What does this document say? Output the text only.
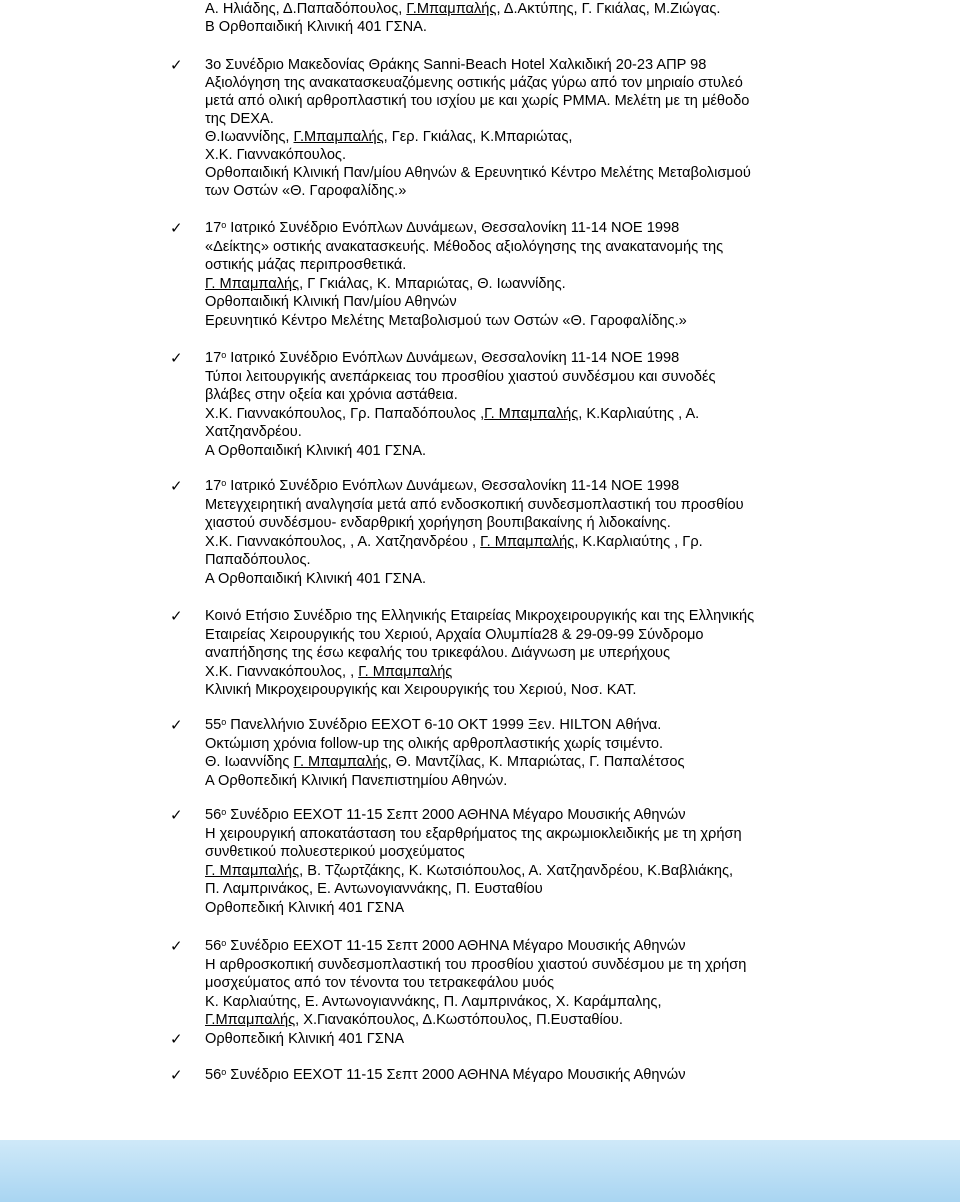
Α. Ηλιάδης, Δ.Παπαδόπουλος, Γ.Μπαμπαλής, Δ.Ακτύπης, Γ. Γκιάλας, Μ.Ζιώγας.
Β Ορθοπαιδική Κλινική 401 ΓΣΝΑ.
✓ 3ο Συνέδριο Μακεδονίας Θράκης Sanni-Beach Hotel Χαλκιδική 20-23 ΑΠΡ 98
Αξιολόγηση της ανακατασκευαζόμενης οστικής μάζας γύρω από τον μηριαίο στυλεό
μετά από ολική αρθροπλαστική του ισχίου με και χωρίς PMMA. Μελέτη με τη μέθοδο
της DEXA.
Θ.Ιωαννίδης, Γ.Μπαμπαλής, Γερ. Γκιάλας, Κ.Μπαριώτας,
Χ.Κ. Γιαννακόπουλος.
Ορθοπαιδική Κλινική Παν/μίου Αθηνών & Ερευνητικό Κέντρο Μελέτης Μεταβολισμού
των Οστών «Θ. Γαροφαλίδης.»
✓ $17^o$ Ιατρικό Συνέδριο Ενόπλων Δυνάμεων, Θεσσαλονίκη 11-14 ΝΟΕ 1998
«Δείκτης» οστικής ανακατασκευής. Μέθοδος αξιολόγησης της ανακατανομής της
οστικής μάζας περιπροσθετικά.
Γ. Μπαμπαλής, Γ Γκιάλας, Κ. Μπαριώτας, Θ. Ιωαννίδης.
Ορθοπαιδική Κλινική Παν/μίου Αθηνών
Ερευνητικό Κέντρο Μελέτης Μεταβολισμού των Οστών «Θ. Γαροφαλίδης.»
✓ $17^o$ Ιατρικό Συνέδριο Ενόπλων Δυνάμεων, Θεσσαλονίκη 11-14 ΝΟΕ 1998
Τύποι λειτουργικής ανεπάρκειας του προσθίου χιαστού συνδέσμου και συνοδές
βλάβες στην οξεία και χρόνια αστάθεια.
Χ.Κ. Γιαννακόπουλος, Γρ. Παπαδόπουλος ,Γ. Μπαμπαλής, Κ.Καρλιαύτης , Α.
Χατζηανδρέου.
Α Ορθοπαιδική Κλινική 401 ΓΣΝΑ.
✓ $17^o$ Ιατρικό Συνέδριο Ενόπλων Δυνάμεων, Θεσσαλονίκη 11-14 ΝΟΕ 1998
Μετεγχειρητική αναλγησία μετά από ενδοσκοπική συνδεσμοπλαστική του προσθίου
χιαστού συνδέσμου- ενδαρθρική χορήγηση βουπιβακαίνης ή λιδοκαίνης.
Χ.Κ. Γιαννακόπουλος, , Α. Χατζηανδρέου , Γ. Μπαμπαλής, Κ.Καρλιαύτης , Γρ.
Παπαδόπουλος.
Α Ορθοπαιδική Κλινική 401 ΓΣΝΑ.
✓ Κοινό Ετήσιο Συνέδριο της Ελληνικής Εταιρείας Μικροχειρουργικής και της Ελληνικής
Εταιρείας Χειρουργικής του Χεριού, Αρχαία Ολυμπία28 & 29-09-99 Σύνδρομο
αναπήδησης της έσω κεφαλής του τρικεφάλου. Διάγνωση με υπερήχους
Χ.Κ. Γιαννακόπουλος, , Γ. Μπαμπαλής
Κλινική Μικροχειρουργικής και Χειρουργικής του Χεριού, Νοσ. ΚΑΤ.
✓ $55^o$ Πανελλήνιο Συνέδριο ΕΕΧΟΤ 6-10 ΟΚΤ 1999 Ξεν. HILTON Αθήνα.
Οκτώμιση χρόνια follow-up της ολικής αρθροπλαστικής χωρίς τσιμέντο.
Θ. Ιωαννίδης Γ. Μπαμπαλής, Θ. Μαντζίλας, Κ. Μπαριώτας, Γ. Παπαλέτσος
Α Ορθοπεδική Κλινική Πανεπιστημίου Αθηνών.
✓ $56^o$ Συνέδριο ΕΕΧΟΤ 11-15 Σεπτ 2000 ΑΘΗΝΑ Μέγαρο Μουσικής Αθηνών
Η χειρουργική αποκατάσταση του εξαρθρήματος της ακρωμιοκλειδικής με τη χρήση
συνθετικού πολυεστερικού μοσχεύματος
Γ. Μπαμπαλής, Β. Τζωρτζάκης, Κ. Κωτσιόπουλος, Α. Χατζηανδρέου, Κ.Βαβλιάκης,
Π. Λαμπρινάκος, Ε. Αντωνογιαννάκης, Π. Ευσταθίου
Ορθοπεδική Κλινική 401 ΓΣΝΑ
✓ $56^o$ Συνέδριο ΕΕΧΟΤ 11-15 Σεπτ 2000 ΑΘΗΝΑ Μέγαρο Μουσικής Αθηνών
Η αρθροσκοπική συνδεσμοπλαστική του προσθίου χιαστού συνδέσμου με τη χρήση
μοσχεύματος από τον τένοντα του τετρακεφάλου μυός
Κ. Καρλιαύτης, Ε. Αντωνογιαννάκης, Π. Λαμπρινάκος, Χ. Καράμπαλης,
Γ.Μπαμπαλής, Χ.Γιανακόπουλος, Δ.Κωστόπουλος, Π.Ευσταθίου.
✓ Ορθοπεδική Κλινική 401 ΓΣΝΑ
✓ $56^o$ Συνέδριο ΕΕΧΟΤ 11-15 Σεπτ 2000 ΑΘΗΝΑ Μέγαρο Μουσικής Αθηνών
